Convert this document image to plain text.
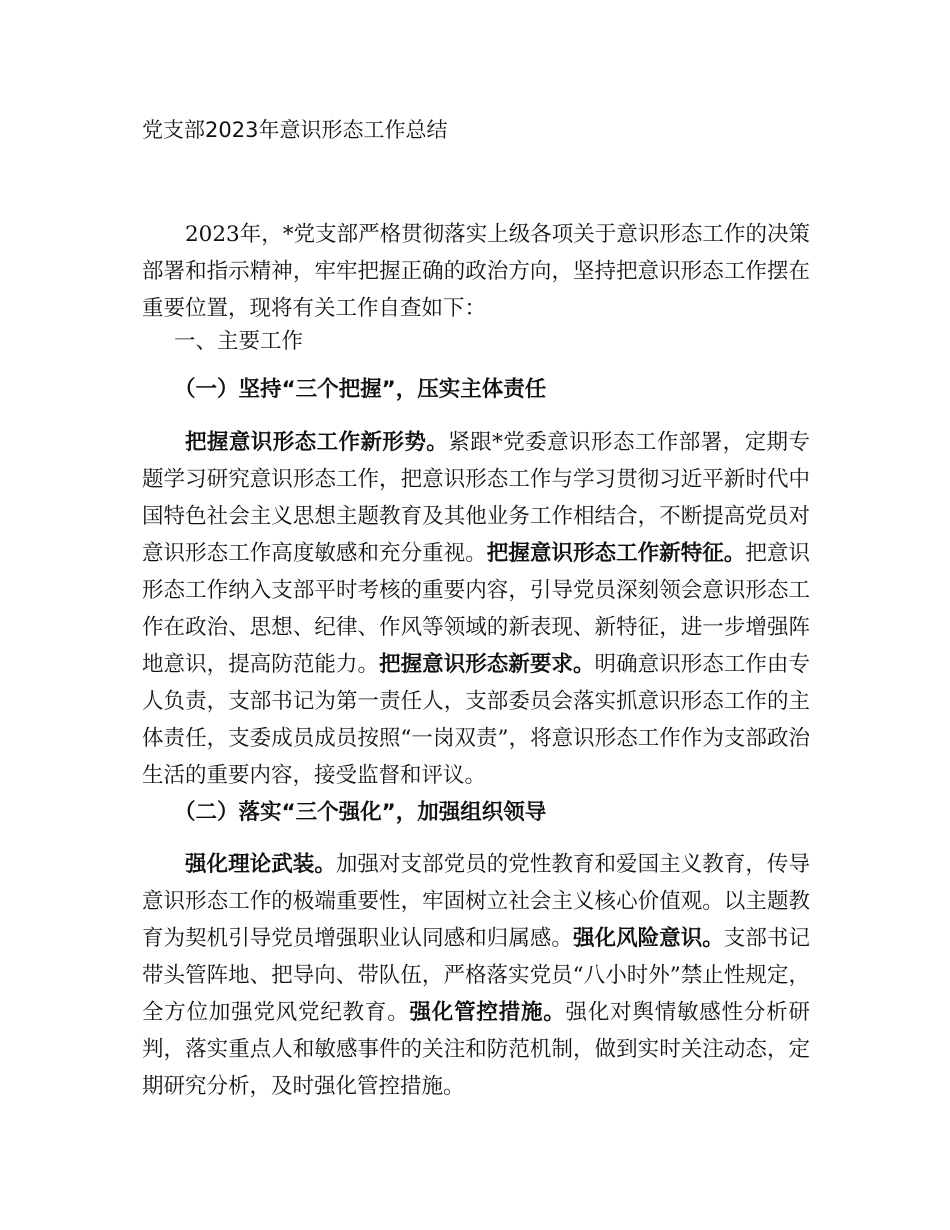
党支部2023年意识形态工作总结

2023年，*党支部严格贯彻落实上级各项关于意识形态工作的决策部署和指示精神，牢牢把握正确的政治方向，坚持把意识形态工作摆在重要位置，现将有关工作自查如下：

一、主要工作
（一）坚持“三个把握”，压实主体责任

把握意识形态工作新形势。紧跟*党委意识形态工作部署，定期专题学习研究意识形态工作，把意识形态工作与学习贯彻习近平新时代中国特色社会主义思想主题教育及其他业务工作相结合，不断提高党员对意识形态工作高度敏感和充分重视。把握意识形态工作新特征。把意识形态工作纳入支部平时考核的重要内容，引导党员深刻领会意识形态工作在政治、思想、纪律、作风等领域的新表现、新特征，进一步增强阵地意识，提高防范能力。把握意识形态新要求。明确意识形态工作由专人负责，支部书记为第一责任人，支部委员会落实抓意识形态工作的主体责任，支委成员成员按照“一岗双责”，将意识形态工作作为支部政治生活的重要内容，接受监督和评议。

（二）落实“三个强化”，加强组织领导

强化理论武装。加强对支部党员的党性教育和爱国主义教育，传导意识形态工作的极端重要性，牢固树立社会主义核心价值观。以主题教育为契机引导党员增强职业认同感和归属感。强化风险意识。支部书记带头管阵地、把导向、带队伍，严格落实党员“八小时外”禁止性规定，全方位加强党风党纪教育。强化管控措施。强化对舆情敏感性分析研判，落实重点人和敏感事件的关注和防范机制，做到实时关注动态，定期研究分析，及时强化管控措施。
